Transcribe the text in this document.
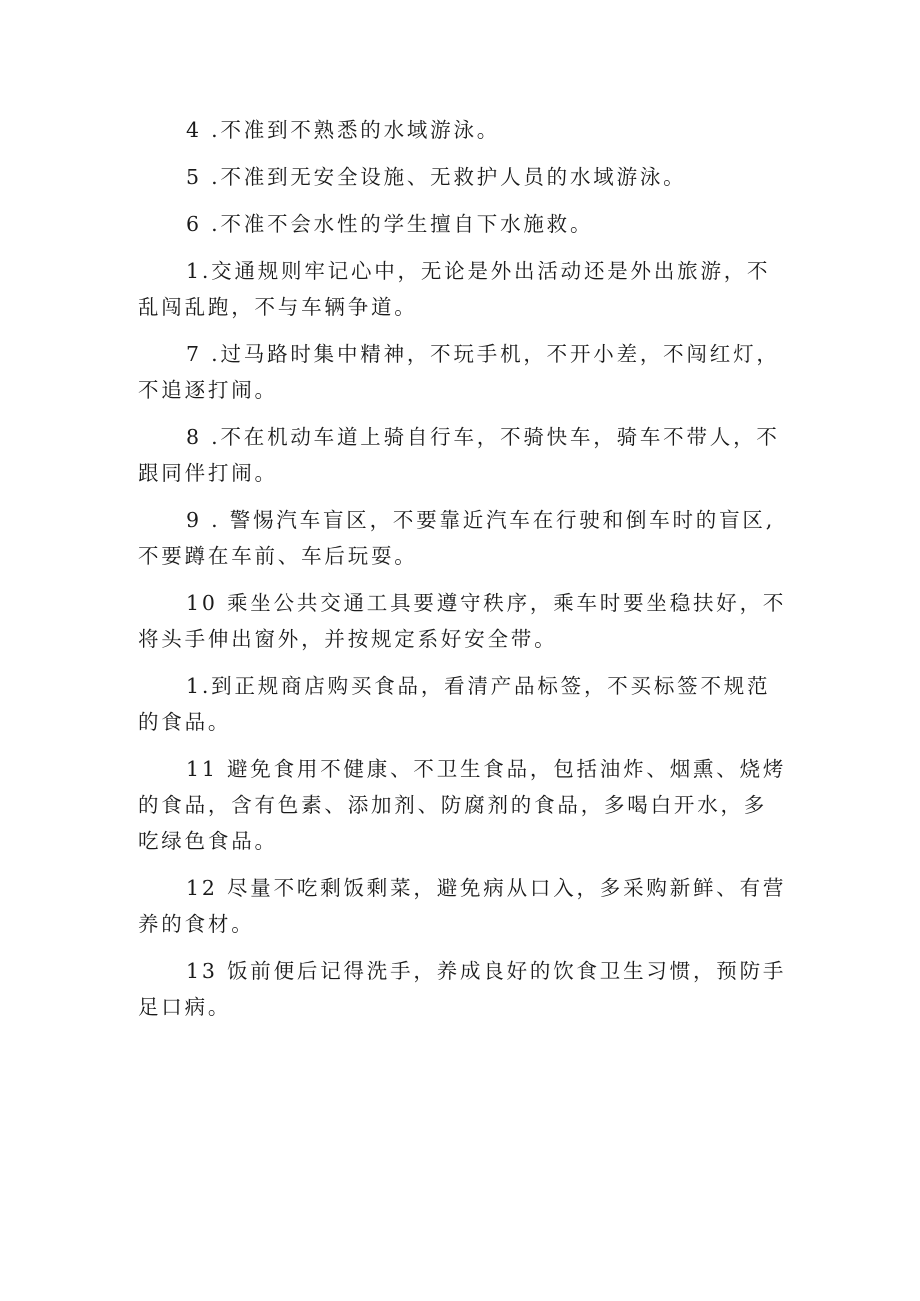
4 .不准到不熟悉的水域游泳。

5 .不准到无安全设施、无救护人员的水域游泳。

6 .不准不会水性的学生擅自下水施救。

1.交通规则牢记心中，无论是外出活动还是外出旅游，不乱闯乱跑，不与车辆争道。

7 .过马路时集中精神，不玩手机，不开小差，不闯红灯，不追逐打闹。

8 .不在机动车道上骑自行车，不骑快车，骑车不带人，不跟同伴打闹。

9 . 警惕汽车盲区，不要靠近汽车在行驶和倒车时的盲区,不要蹲在车前、车后玩耍。

10 乘坐公共交通工具要遵守秩序，乘车时要坐稳扶好，不将头手伸出窗外，并按规定系好安全带。

1.到正规商店购买食品，看清产品标签，不买标签不规范的食品。

11 避免食用不健康、不卫生食品，包括油炸、烟熏、烧烤的食品，含有色素、添加剂、防腐剂的食品，多喝白开水，多吃绿色食品。

12 尽量不吃剩饭剩菜，避免病从口入，多采购新鲜、有营养的食材。

13 饭前便后记得洗手，养成良好的饮食卫生习惯，预防手足口病。
